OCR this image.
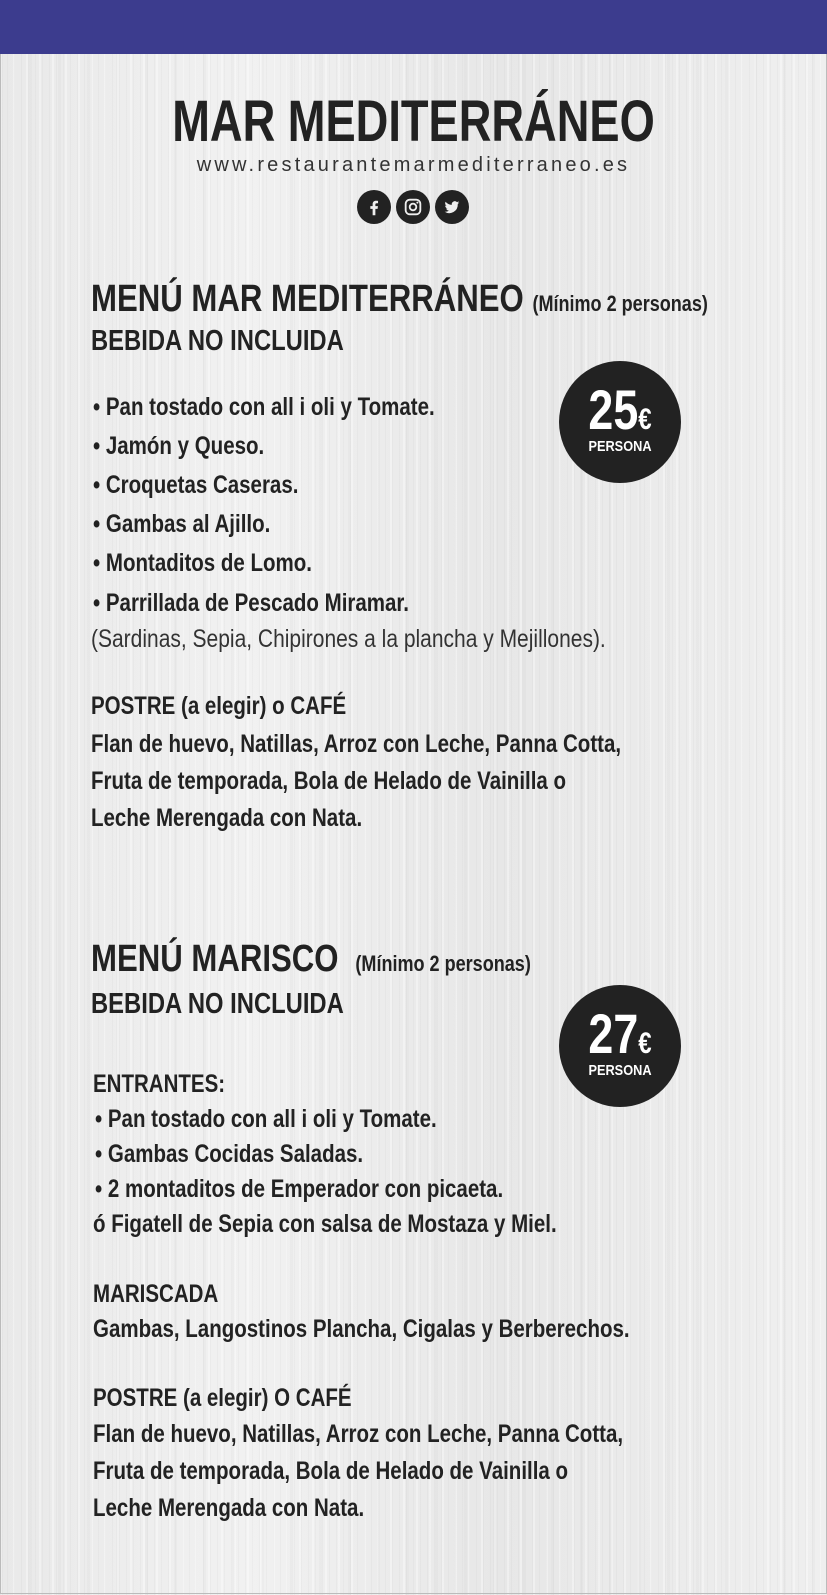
MAR MEDITERRÁNEO
www.restaurantemarmediterraneo.es
MENÚ MAR MEDITERRÁNEO (Mínimo 2 personas)
BEBIDA NO INCLUIDA
25€
PERSONA
• Pan tostado con all i oli y Tomate.
• Jamón y Queso.
• Croquetas Caseras.
• Gambas al Ajillo.
• Montaditos de Lomo.
• Parrillada de Pescado Miramar.
(Sardinas, Sepia, Chipirones a la plancha y Mejillones).
POSTRE (a elegir) o CAFÉ
Flan de huevo, Natillas, Arroz con Leche, Panna Cotta,
Fruta de temporada, Bola de Helado de Vainilla o
Leche Merengada con Nata.
MENÚ MARISCO (Mínimo 2 personas)
BEBIDA NO INCLUIDA	27€
PERSONA
ENTRANTES:
• Pan tostado con all i oli y Tomate.
• Gambas Cocidas Saladas.
• 2 montaditos de Emperador con picaeta.
ó Figatell de Sepia con salsa de Mostaza y Miel.
MARISCADA
Gambas, Langostinos Plancha, Cigalas y Berberechos.
POSTRE (a elegir) O CAFÉ
Flan de huevo, Natillas, Arroz con Leche, Panna Cotta,
Fruta de temporada, Bola de Helado de Vainilla o
Leche Merengada con Nata.
